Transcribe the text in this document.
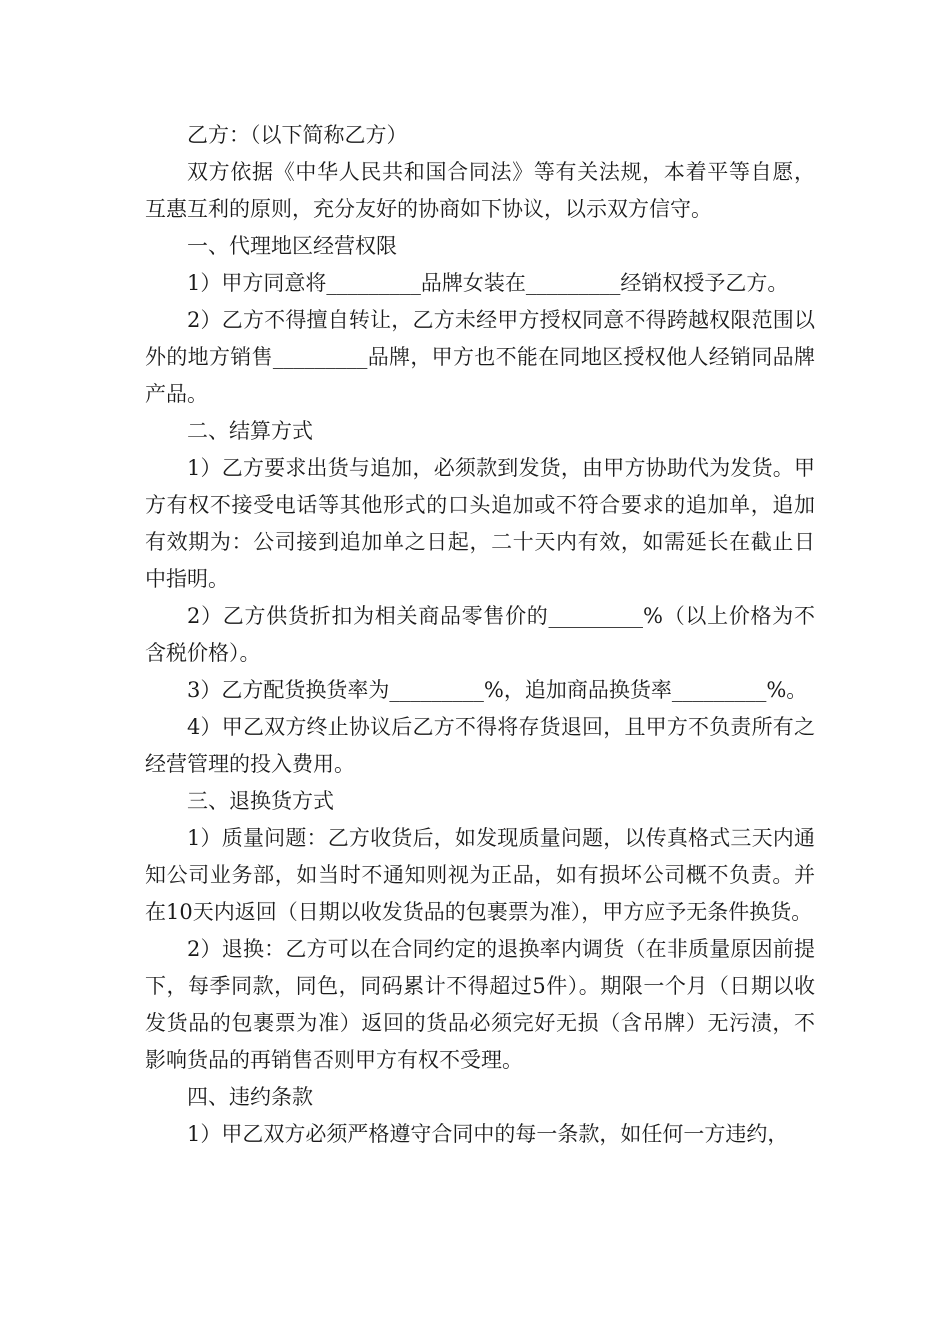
乙方：（以下简称乙方）

双方依据《中华人民共和国合同法》等有关法规，本着平等自愿，互惠互利的原则，充分友好的协商如下协议，以示双方信守。

一、代理地区经营权限

1）甲方同意将_________品牌女装在_________经销权授予乙方。

2）乙方不得擅自转让，乙方未经甲方授权同意不得跨越权限范围以外的地方销售_________品牌，甲方也不能在同地区授权他人经销同品牌产品。

二、结算方式

1）乙方要求出货与追加，必须款到发货，由甲方协助代为发货。甲方有权不接受电话等其他形式的口头追加或不符合要求的追加单，追加有效期为：公司接到追加单之日起，二十天内有效，如需延长在截止日中指明。

2）乙方供货折扣为相关商品零售价的_________%（以上价格为不含税价格）。

3）乙方配货换货率为_________%，追加商品换货率_________%。

4）甲乙双方终止协议后乙方不得将存货退回，且甲方不负责所有之经营管理的投入费用。

三、退换货方式

1）质量问题：乙方收货后，如发现质量问题，以传真格式三天内通知公司业务部，如当时不通知则视为正品，如有损坏公司概不负责。并在10天内返回（日期以收发货品的包裹票为准），甲方应予无条件换货。

2）退换：乙方可以在合同约定的退换率内调货（在非质量原因前提下，每季同款，同色，同码累计不得超过5件）。期限一个月（日期以收发货品的包裹票为准）返回的货品必须完好无损（含吊牌）无污渍，不影响货品的再销售否则甲方有权不受理。

四、违约条款

1）甲乙双方必须严格遵守合同中的每一条款，如任何一方违约，
